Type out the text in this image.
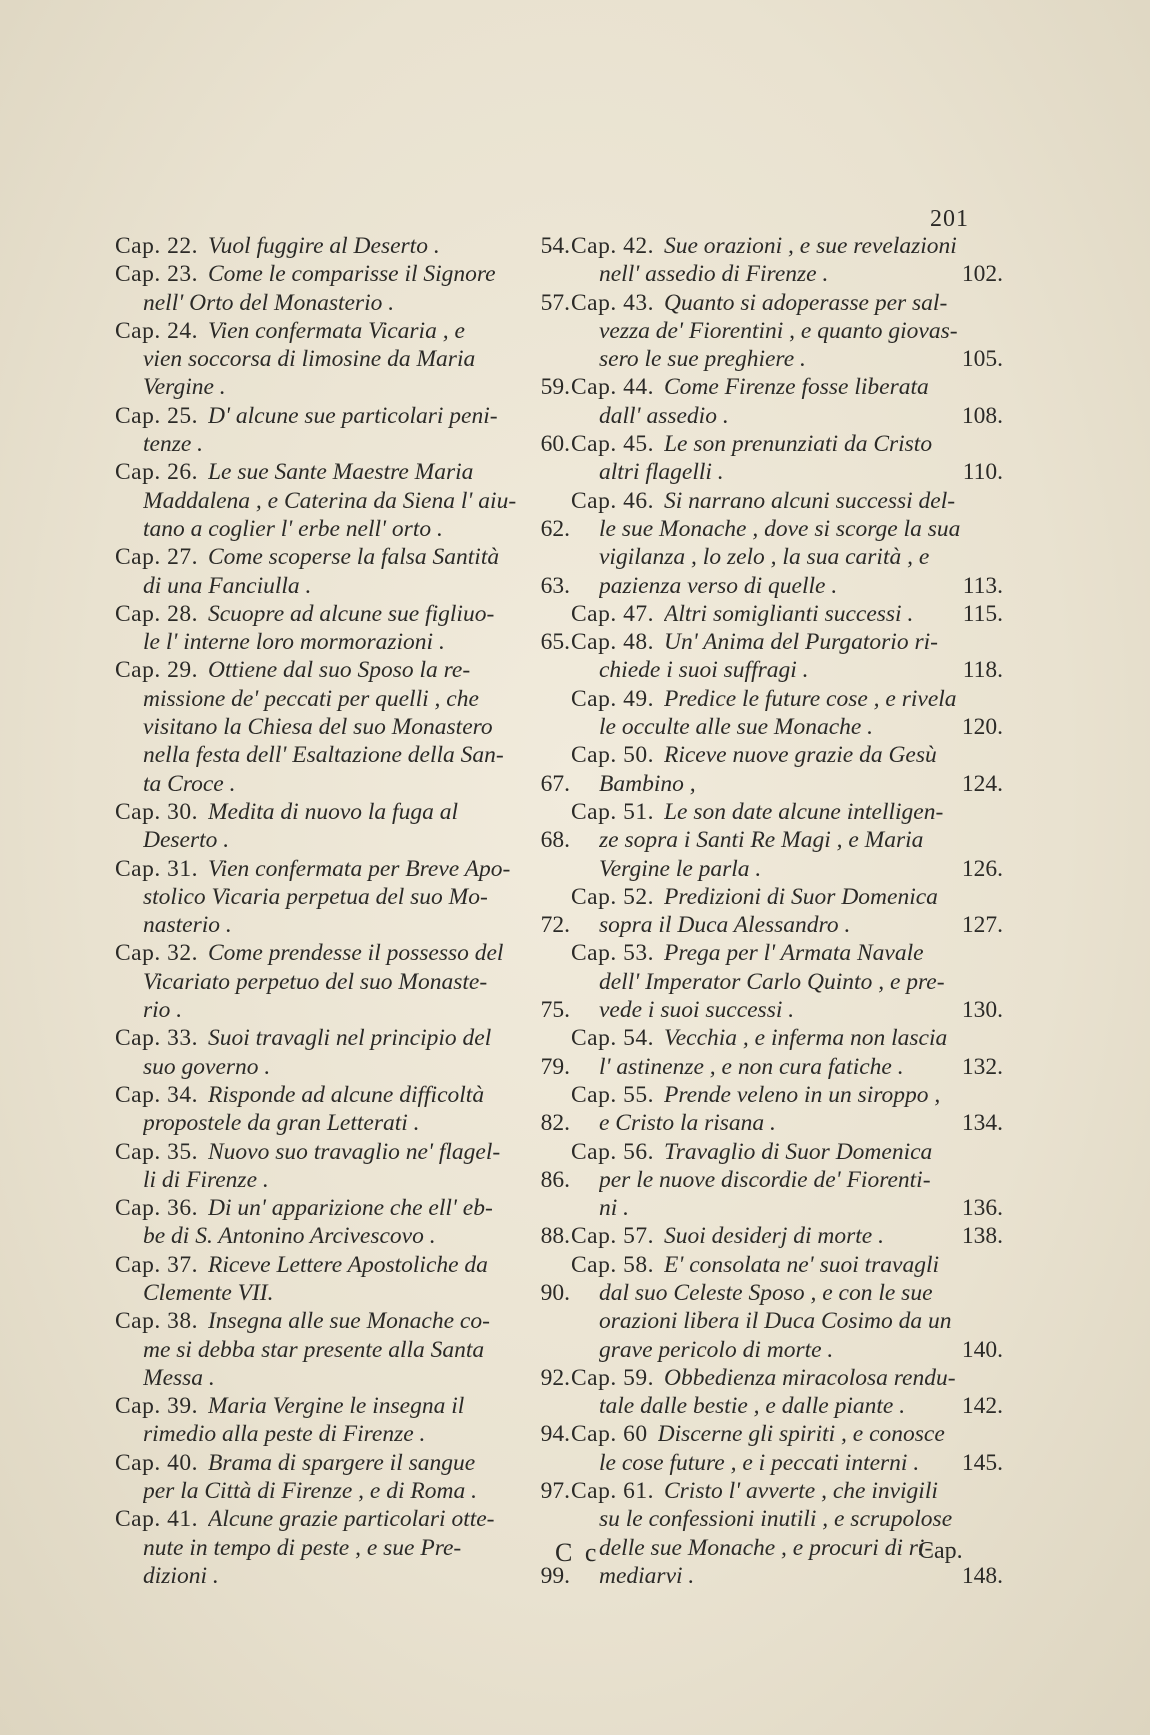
201
Cap. 22. Vuol fuggire al Deserto .	54.
Cap. 23. Come le comparisse il Signore
nell' Orto del Monasterio .	57.
Cap. 24. Vien confermata Vicaria , e
vien soccorsa di limosine da Maria
Vergine .	59.
Cap. 25. D' alcune sue particolari peni-
tenze .	60.
Cap. 26. Le sue Sante Maestre Maria
Maddalena , e Caterina da Siena l' aiu-
tano a coglier l' erbe nell' orto .	62.
Cap. 27. Come scoperse la falsa Santità
di una Fanciulla .	63.
Cap. 28. Scuopre ad alcune sue figliuo-
le l' interne loro mormorazioni .	65.
Cap. 29. Ottiene dal suo Sposo la re-
missione de' peccati per quelli , che
visitano la Chiesa del suo Monastero
nella festa dell' Esaltazione della San-
ta Croce .	67.
Cap. 30. Medita di nuovo la fuga al
Deserto .	68.
Cap. 31. Vien confermata per Breve Apo-
stolico Vicaria perpetua del suo Mo-
nasterio .	72.
Cap. 32. Come prendesse il possesso del
Vicariato perpetuo del suo Monaste-
rio .	75.
Cap. 33. Suoi travagli nel principio del
suo governo .	79.
Cap. 34. Risponde ad alcune difficoltà
propostele da gran Letterati .	82.
Cap. 35. Nuovo suo travaglio ne' flagel-
li di Firenze .	86.
Cap. 36. Di un' apparizione che ell' eb-
be di S. Antonino Arcivescovo .	88.
Cap. 37. Riceve Lettere Apostoliche da
Clemente VII.	90.
Cap. 38. Insegna alle sue Monache co-
me si debba star presente alla Santa
Messa .	92.
Cap. 39. Maria Vergine le insegna il
rimedio alla peste di Firenze .	94.
Cap. 40. Brama di spargere il sangue
per la Città di Firenze , e di Roma .	97.
Cap. 41. Alcune grazie particolari otte-
nute in tempo di peste , e sue Pre-
dizioni .	99.
Cap. 42. Sue orazioni , e sue revelazioni
nell' assedio di Firenze .	102.
Cap. 43. Quanto si adoperasse per sal-
vezza de' Fiorentini , e quanto giovas-
sero le sue preghiere .	105.
Cap. 44. Come Firenze fosse liberata
dall' assedio .	108.
Cap. 45. Le son prenunziati da Cristo
altri flagelli .	110.
Cap. 46. Si narrano alcuni successi del-
le sue Monache , dove si scorge la sua
vigilanza , lo zelo , la sua carità , e
pazienza verso di quelle .	113.
Cap. 47. Altri somiglianti successi .	115.
Cap. 48. Un' Anima del Purgatorio ri-
chiede i suoi suffragi .	118.
Cap. 49. Predice le future cose , e rivela
le occulte alle sue Monache .	120.
Cap. 50. Riceve nuove grazie da Gesù
Bambino ,	124.
Cap. 51. Le son date alcune intelligen-
ze sopra i Santi Re Magi , e Maria
Vergine le parla .	126.
Cap. 52. Predizioni di Suor Domenica
sopra il Duca Alessandro .	127.
Cap. 53. Prega per l' Armata Navale
dell' Imperator Carlo Quinto , e pre-
vede i suoi successi .	130.
Cap. 54. Vecchia , e inferma non lascia
l' astinenze , e non cura fatiche .	132.
Cap. 55. Prende veleno in un siroppo ,
e Cristo la risana .	134.
Cap. 56. Travaglio di Suor Domenica
per le nuove discordie de' Fiorenti-
ni .	136.
Cap. 57. Suoi desiderj di morte .	138.
Cap. 58. E' consolata ne' suoi travagli
dal suo Celeste Sposo , e con le sue
orazioni libera il Duca Cosimo da un
grave pericolo di morte .	140.
Cap. 59. Obbedienza miracolosa rendu-
tale dalle bestie , e dalle piante .	142.
Cap. 60 Discerne gli spiriti , e conosce
le cose future , e i peccati interni .	145.
Cap. 61. Cristo l' avverte , che invigili
su le confessioni inutili , e scrupolose
delle sue Monache , e procuri di ri-
mediarvi .	148.
C c	Cap.
